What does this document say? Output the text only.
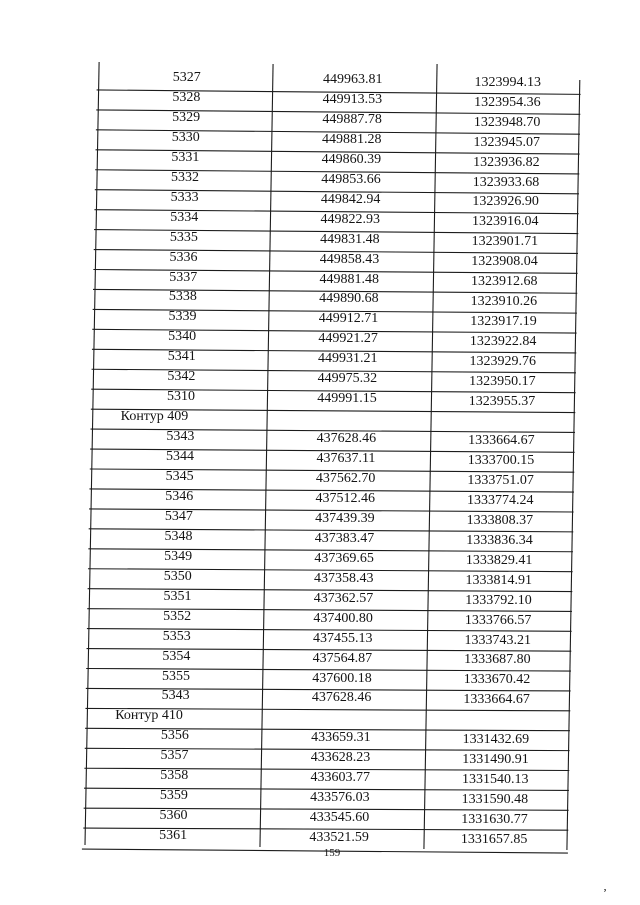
5327	449963.81	1323994.13
5328	449913.53	1323954.36
5329	449887.78	1323948.70
5330	449881.28	1323945.07
5331	449860.39	1323936.82
5332	449853.66	1323933.68
5333	449842.94	1323926.90
5334	449822.93	1323916.04
5335	449831.48	1323901.71
5336	449858.43	1323908.04
5337	449881.48	1323912.68
5338	449890.68	1323910.26
5339	449912.71	1323917.19
5340	449921.27	1323922.84
5341	449931.21	1323929.76
5342	449975.32	1323950.17
5310	449991.15	1323955.37
Контур 409
5343	437628.46	1333664.67
5344	437637.11	1333700.15
5345	437562.70	1333751.07
5346	437512.46	1333774.24
5347	437439.39	1333808.37
5348	437383.47	1333836.34
5349	437369.65	1333829.41
5350	437358.43	1333814.91
5351	437362.57	1333792.10
5352	437400.80	1333766.57
5353	437455.13	1333743.21
5354	437564.87	1333687.80
5355	437600.18	1333670.42
5343	437628.46	1333664.67
Контур 410
5356	433659.31	1331432.69
5357	433628.23	1331490.91
5358	433603.77	1331540.13
5359	433576.03	1331590.48
5360	433545.60	1331630.77
5361	433521.59	1331657.85
159
ʼ
